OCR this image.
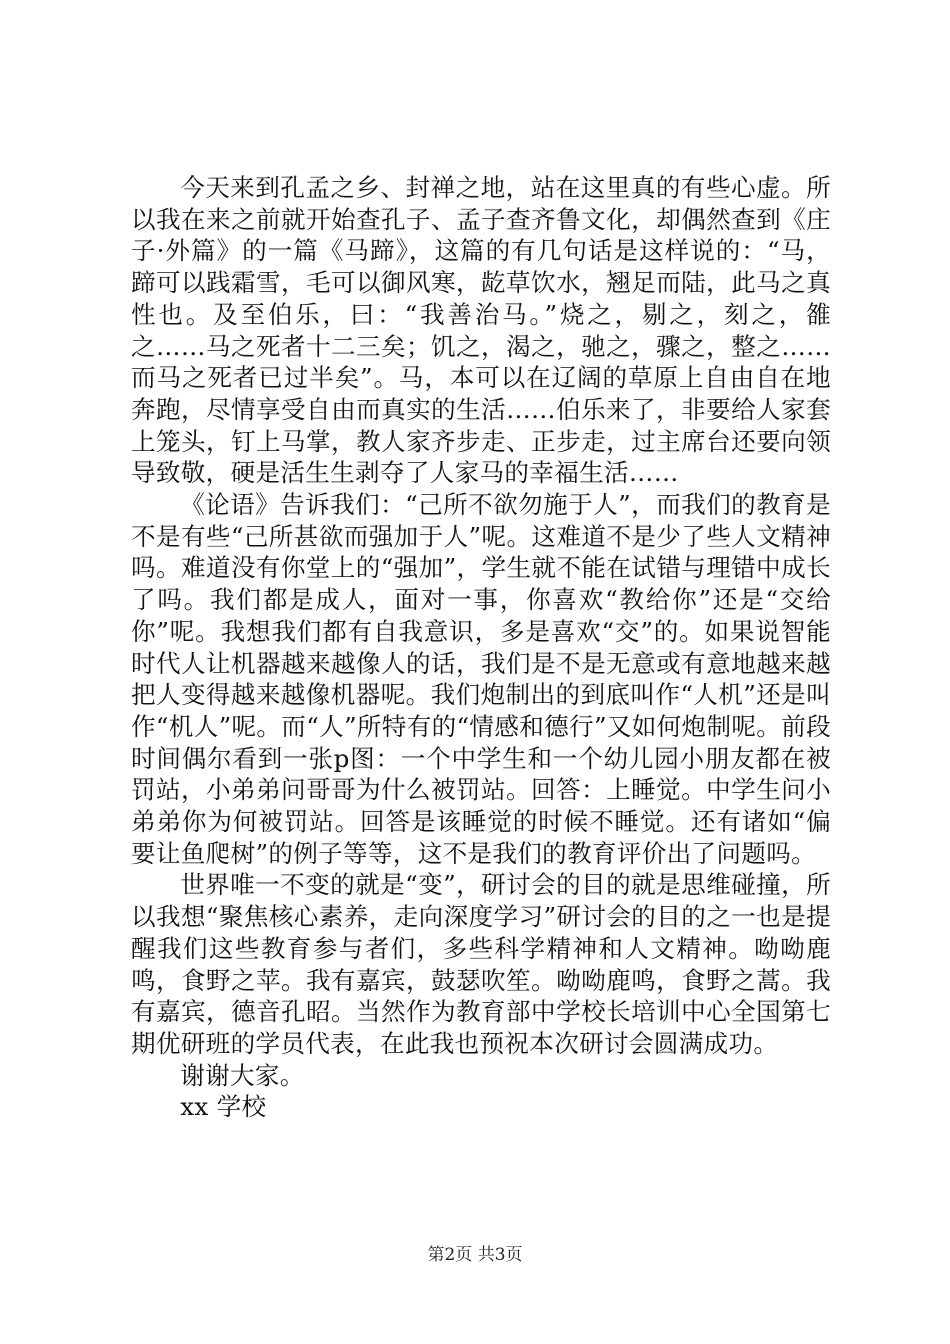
今天来到孔孟之乡、封禅之地，站在这里真的有些心虚。所以我在来之前就开始查孔子、孟子查齐鲁文化，却偶然查到《庄子·外篇》的一篇《马蹄》，这篇的有几句话是这样说的：“马，蹄可以践霜雪，毛可以御风寒，龁草饮水，翘足而陆，此马之真性也。及至伯乐，曰：“我善治马。”烧之，剔之，刻之，雒之……马之死者十二三矣；饥之，渴之，驰之，骤之，整之……而马之死者已过半矣”。马，本可以在辽阔的草原上自由自在地奔跑，尽情享受自由而真实的生活……伯乐来了，非要给人家套上笼头，钉上马掌，教人家齐步走、正步走，过主席台还要向领导致敬，硬是活生生剥夺了人家马的幸福生活……

《论语》告诉我们：“己所不欲勿施于人”，而我们的教育是不是有些“己所甚欲而强加于人”呢。这难道不是少了些人文精神吗。难道没有你堂上的“强加”，学生就不能在试错与理错中成长了吗。我们都是成人，面对一事，你喜欢“教给你”还是“交给你”呢。我想我们都有自我意识，多是喜欢“交”的。如果说智能时代人让机器越来越像人的话，我们是不是无意或有意地越来越把人变得越来越像机器呢。我们炮制出的到底叫作“人机”还是叫作“机人”呢。而“人”所特有的“情感和德行”又如何炮制呢。前段时间偶尔看到一张p图：一个中学生和一个幼儿园小朋友都在被罚站，小弟弟问哥哥为什么被罚站。回答：上睡觉。中学生问小弟弟你为何被罚站。回答是该睡觉的时候不睡觉。还有诸如“偏要让鱼爬树”的例子等等，这不是我们的教育评价出了问题吗。

世界唯一不变的就是“变”，研讨会的目的就是思维碰撞，所以我想“聚焦核心素养，走向深度学习”研讨会的目的之一也是提醒我们这些教育参与者们，多些科学精神和人文精神。呦呦鹿鸣，食野之苹。我有嘉宾，鼓瑟吹笙。呦呦鹿鸣，食野之蒿。我有嘉宾，德音孔昭。当然作为教育部中学校长培训中心全国第七期优研班的学员代表，在此我也预祝本次研讨会圆满成功。

谢谢大家。

xx 学校

第2页 共3页
